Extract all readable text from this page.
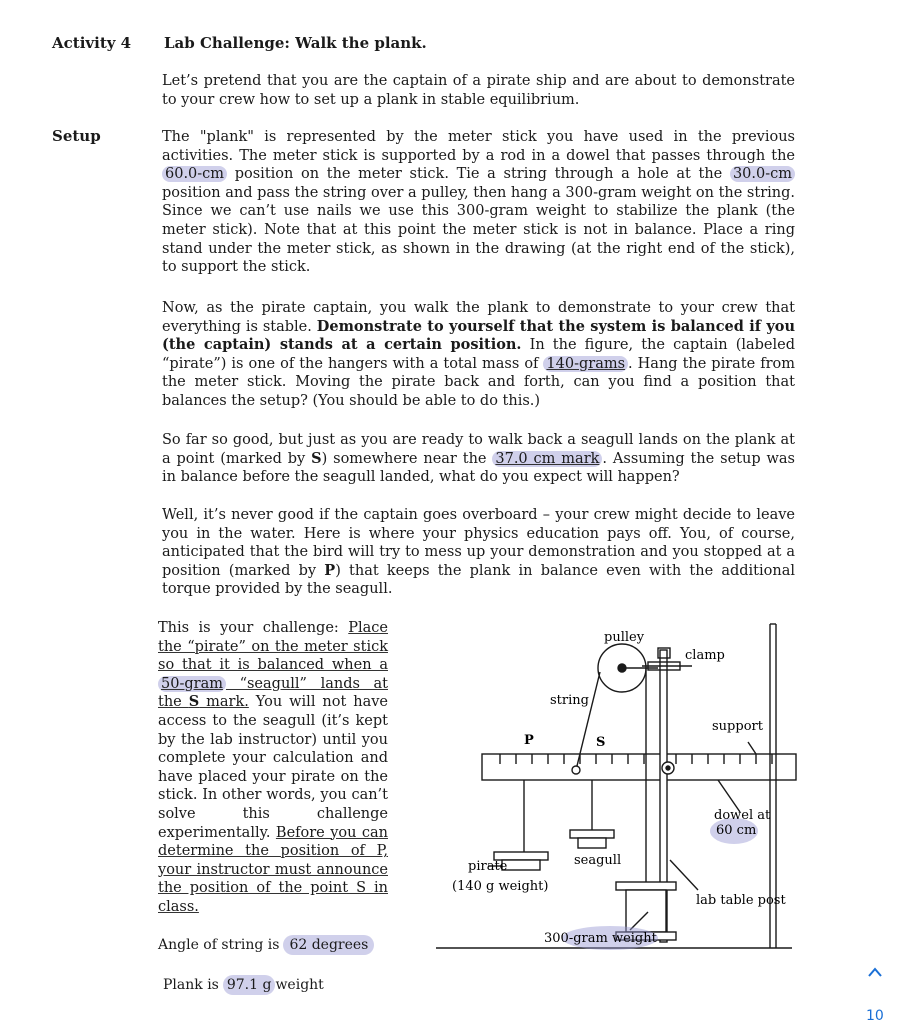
Activity 4 Lab Challenge: Walk the plank.
Setup
Let’s pretend that you are the captain of a pirate ship and are about to demonstrate to your crew how to set up a plank in stable equilibrium.
The "plank" is represented by the meter stick you have used in the previous activities. The meter stick is supported by a rod in a dowel that passes through the 60.0-cm position on the meter stick. Tie a string through a hole at the 30.0-cm position and pass the string over a pulley, then hang a 300-gram weight on the string. Since we can’t use nails we use this 300-gram weight to stabilize the plank (the meter stick). Note that at this point the meter stick is not in balance. Place a ring stand under the meter stick, as shown in the drawing (at the right end of the stick), to support the stick.
Now, as the pirate captain, you walk the plank to demonstrate to your crew that everything is stable. Demonstrate to yourself that the system is balanced if you (the captain) stands at a certain position. In the figure, the captain (labeled “pirate”) is one of the hangers with a total mass of 140-grams . Hang the pirate from the meter stick. Moving the pirate back and forth, can you find a position that balances the setup? (You should be able to do this.)
So far so good, but just as you are ready to walk back a seagull lands on the plank at a point (marked by S) somewhere near the 37.0 cm mark . Assuming the setup was in balance before the seagull landed, what do you expect will happen?
Well, it’s never good if the captain goes overboard – your crew might decide to leave you in the water. Here is where your physics education pays off. You, of course, anticipated that the bird will try to mess up your demonstration and you stopped at a position (marked by P) that keeps the plank in balance even with the additional torque provided by the seagull.
This is your challenge: Place the “pirate” on the meter stick so that it is balanced when a 50-gram “seagull” lands at the S mark. You will not have access to the seagull (it’s kept by the lab instructor) until you complete your calculation and have placed your pirate on the stick. In other words, you can’t solve this challenge experimentally. Before you can determine the position of P, your instructor must announce the position of the point S in class.
Angle of string is 62 degrees
Plank is 97.1 g weight
pulley
clamp
string
support
P	S
dowel at
60 cm
seagull
pirate
(140 g weight)
lab table post
300-gram weight
10
